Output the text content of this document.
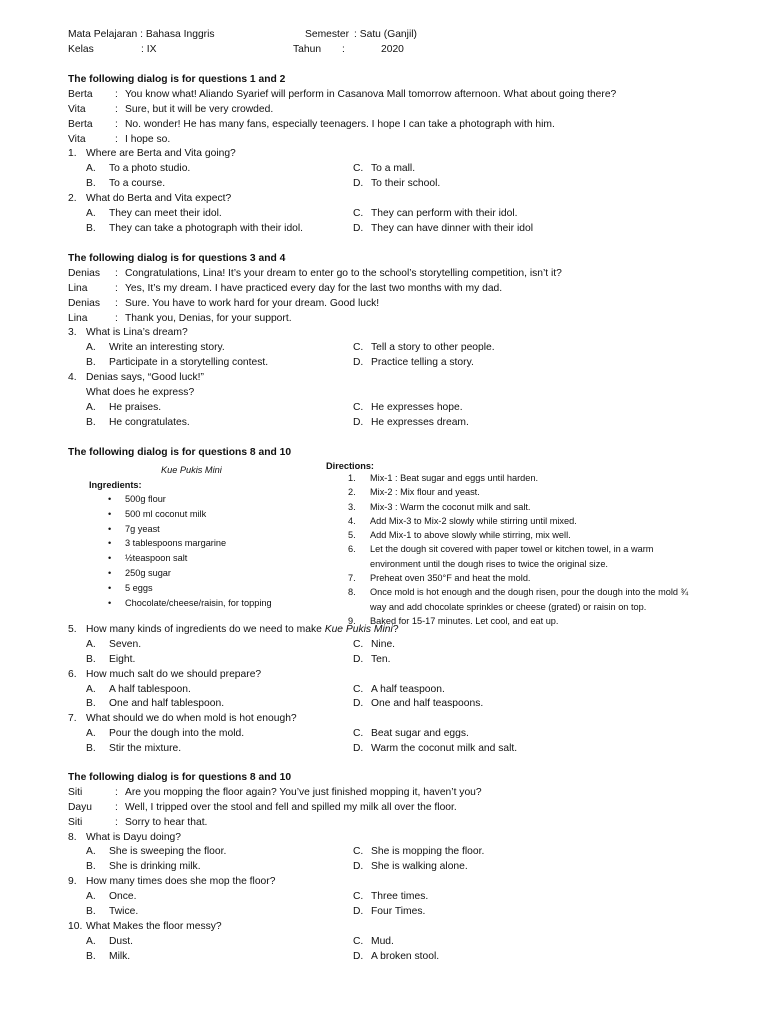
Mata Pelajaran : Bahasa Inggris
Kelas	: IX
Semester : Satu (Ganjil)
Tahun :	2020
The following dialog is for questions 1 and 2
Berta : You know what! Aliando Syarief will perform in Casanova Mall tomorrow afternoon. What about going there?
Vita	: Sure, but it will be very crowded.
Berta : No. wonder! He has many fans, especially teenagers. I hope I can take a photograph with him.
Vita	: I hope so.
1. Where are Berta and Vita going?
A. To a photo studio.	C. To a mall.
B. To a course.	D. To their school.
2. What do Berta and Vita expect?
A. They can meet their idol.	C. They can perform with their idol.
B. They can take a photograph with their idol.	D. They can have dinner with their idol
The following dialog is for questions 3 and 4
Denias : Congratulations, Lina! It’s your dream to enter go to the school’s storytelling competition, isn’t it?
Lina	: Yes, It’s my dream. I have practiced every day for the last two months with my dad.
Denias : Sure. You have to work hard for your dream. Good luck!
Lina	: Thank you, Denias, for your support.
3. What is Lina’s dream?
A. Write an interesting story.	C. Tell a story to other people.
B. Participate in a storytelling contest.	D. Practice telling a story.
4. Denias says, “Good luck!”
What does he express?
A. He praises.	C. He expresses hope.
B. He congratulates.	D. He expresses dream.
The following dialog is for questions 8 and 10
Kue Pukis Mini
Ingredients:
• 500g flour
• 500 ml coconut milk
• 7g yeast
• 3 tablespoons margarine
• ½teaspoon salt
• 250g sugar
• 5 eggs
• Chocolate/cheese/raisin, for topping
Directions:
1. Mix-1 : Beat sugar and eggs until harden.
2. Mix-2 : Mix flour and yeast.
3. Mix-3 : Warm the coconut milk and salt.
4. Add Mix-3 to Mix-2 slowly while stirring until mixed.
5. Add Mix-1 to above slowly while stirring, mix well.
6. Let the dough sit covered with paper towel or kitchen towel, in a warm environment until the dough rises to twice the original size.
7. Preheat oven 350°F and heat the mold.
8. Once mold is hot enough and the dough risen, pour the dough into the mold ¾ way and add chocolate sprinkles or cheese (grated) or raisin on top.
9. Baked for 15-17 minutes. Let cool, and eat up.
5. How many kinds of ingredients do we need to make Kue Pukis Mini?
A. Seven.	C. Nine.
B. Eight.	D. Ten.
6. How much salt do we should prepare?
A. A half tablespoon.	C. A half teaspoon.
B. One and half tablespoon.	D. One and half teaspoons.
7. What should we do when mold is hot enough?
A. Pour the dough into the mold.	C. Beat sugar and eggs.
B. Stir the mixture.	D. Warm the coconut milk and salt.
The following dialog is for questions 8 and 10
Siti	: Are you mopping the floor again? You’ve just finished mopping it, haven’t you?
Dayu : Well, I tripped over the stool and fell and spilled my milk all over the floor.
Siti	: Sorry to hear that.
8. What is Dayu doing?
A. She is sweeping the floor.	C. She is mopping the floor.
B. She is drinking milk.	D. She is walking alone.
9. How many times does she mop the floor?
A. Once.	C. Three times.
B. Twice.	D. Four Times.
10. What Makes the floor messy?
A. Dust.	C. Mud.
B. Milk.	D. A broken stool.
